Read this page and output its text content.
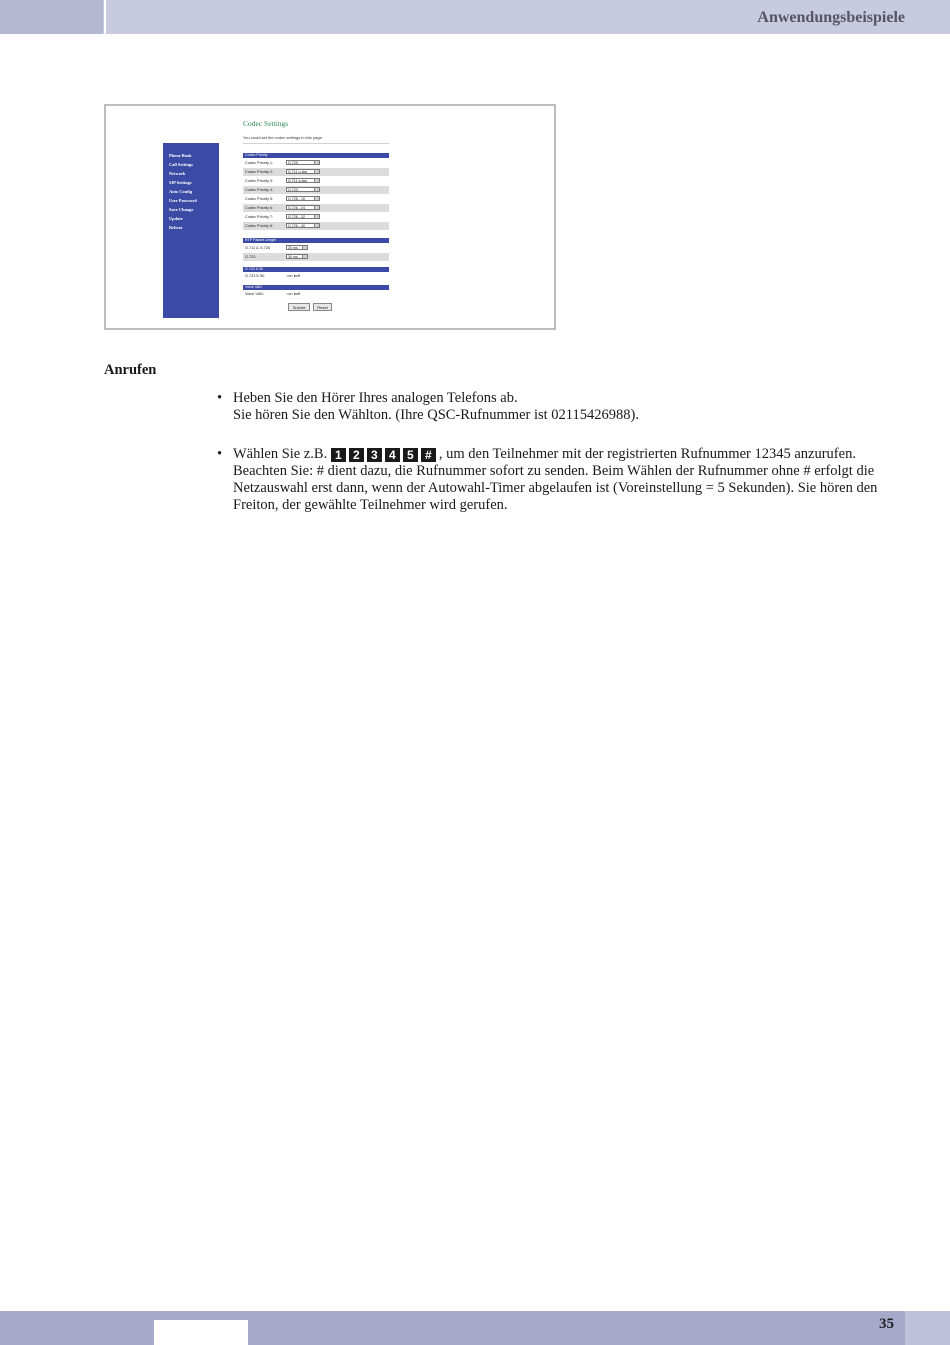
Anwendungsbeispiele
Codec Settings
You could set the codec settings in this page.
Phone Book
Call Settings
Network
SIP Settings
Auto Config
User Password
Save Change
Update
Reboot
Codec Priority
Codec Priority 1:	G.729
Codec Priority 2:	G.711 u-law
Codec Priority 3:	G.711 a-law
Codec Priority 4:	G.723
Codec Priority 5:	G.726 - 16
Codec Priority 6:	G.726 - 24
Codec Priority 7:	G.726 - 32
Codec Priority 8:	G.726 - 40
RTP Packet Length
G.711 & G.726	20 ms
G.723	30 ms
G.723 5.3K
G.723 5.3K:	○on ●off
Voice VAD
Voice VAD:	○on ●off
Submit	Reset
Anrufen
• Heben Sie den Hörer Ihres analogen Telefons ab.
Sie hören Sie den Wählton. (Ihre QSC-Rufnummer ist 02115426988).
• Wählen Sie z.B. 1 2 3 4 5 # , um den Teilnehmer mit der registrierten Rufnummer 12345 anzurufen. Beachten Sie: # dient dazu, die Rufnummer sofort zu senden. Beim Wählen der Rufnummer ohne # erfolgt die Netzauswahl erst dann, wenn der Autowahl-Timer abgelaufen ist (Voreinstellung = 5 Sekunden). Sie hören den Freiton, der gewählte Teilnehmer wird gerufen.
35
